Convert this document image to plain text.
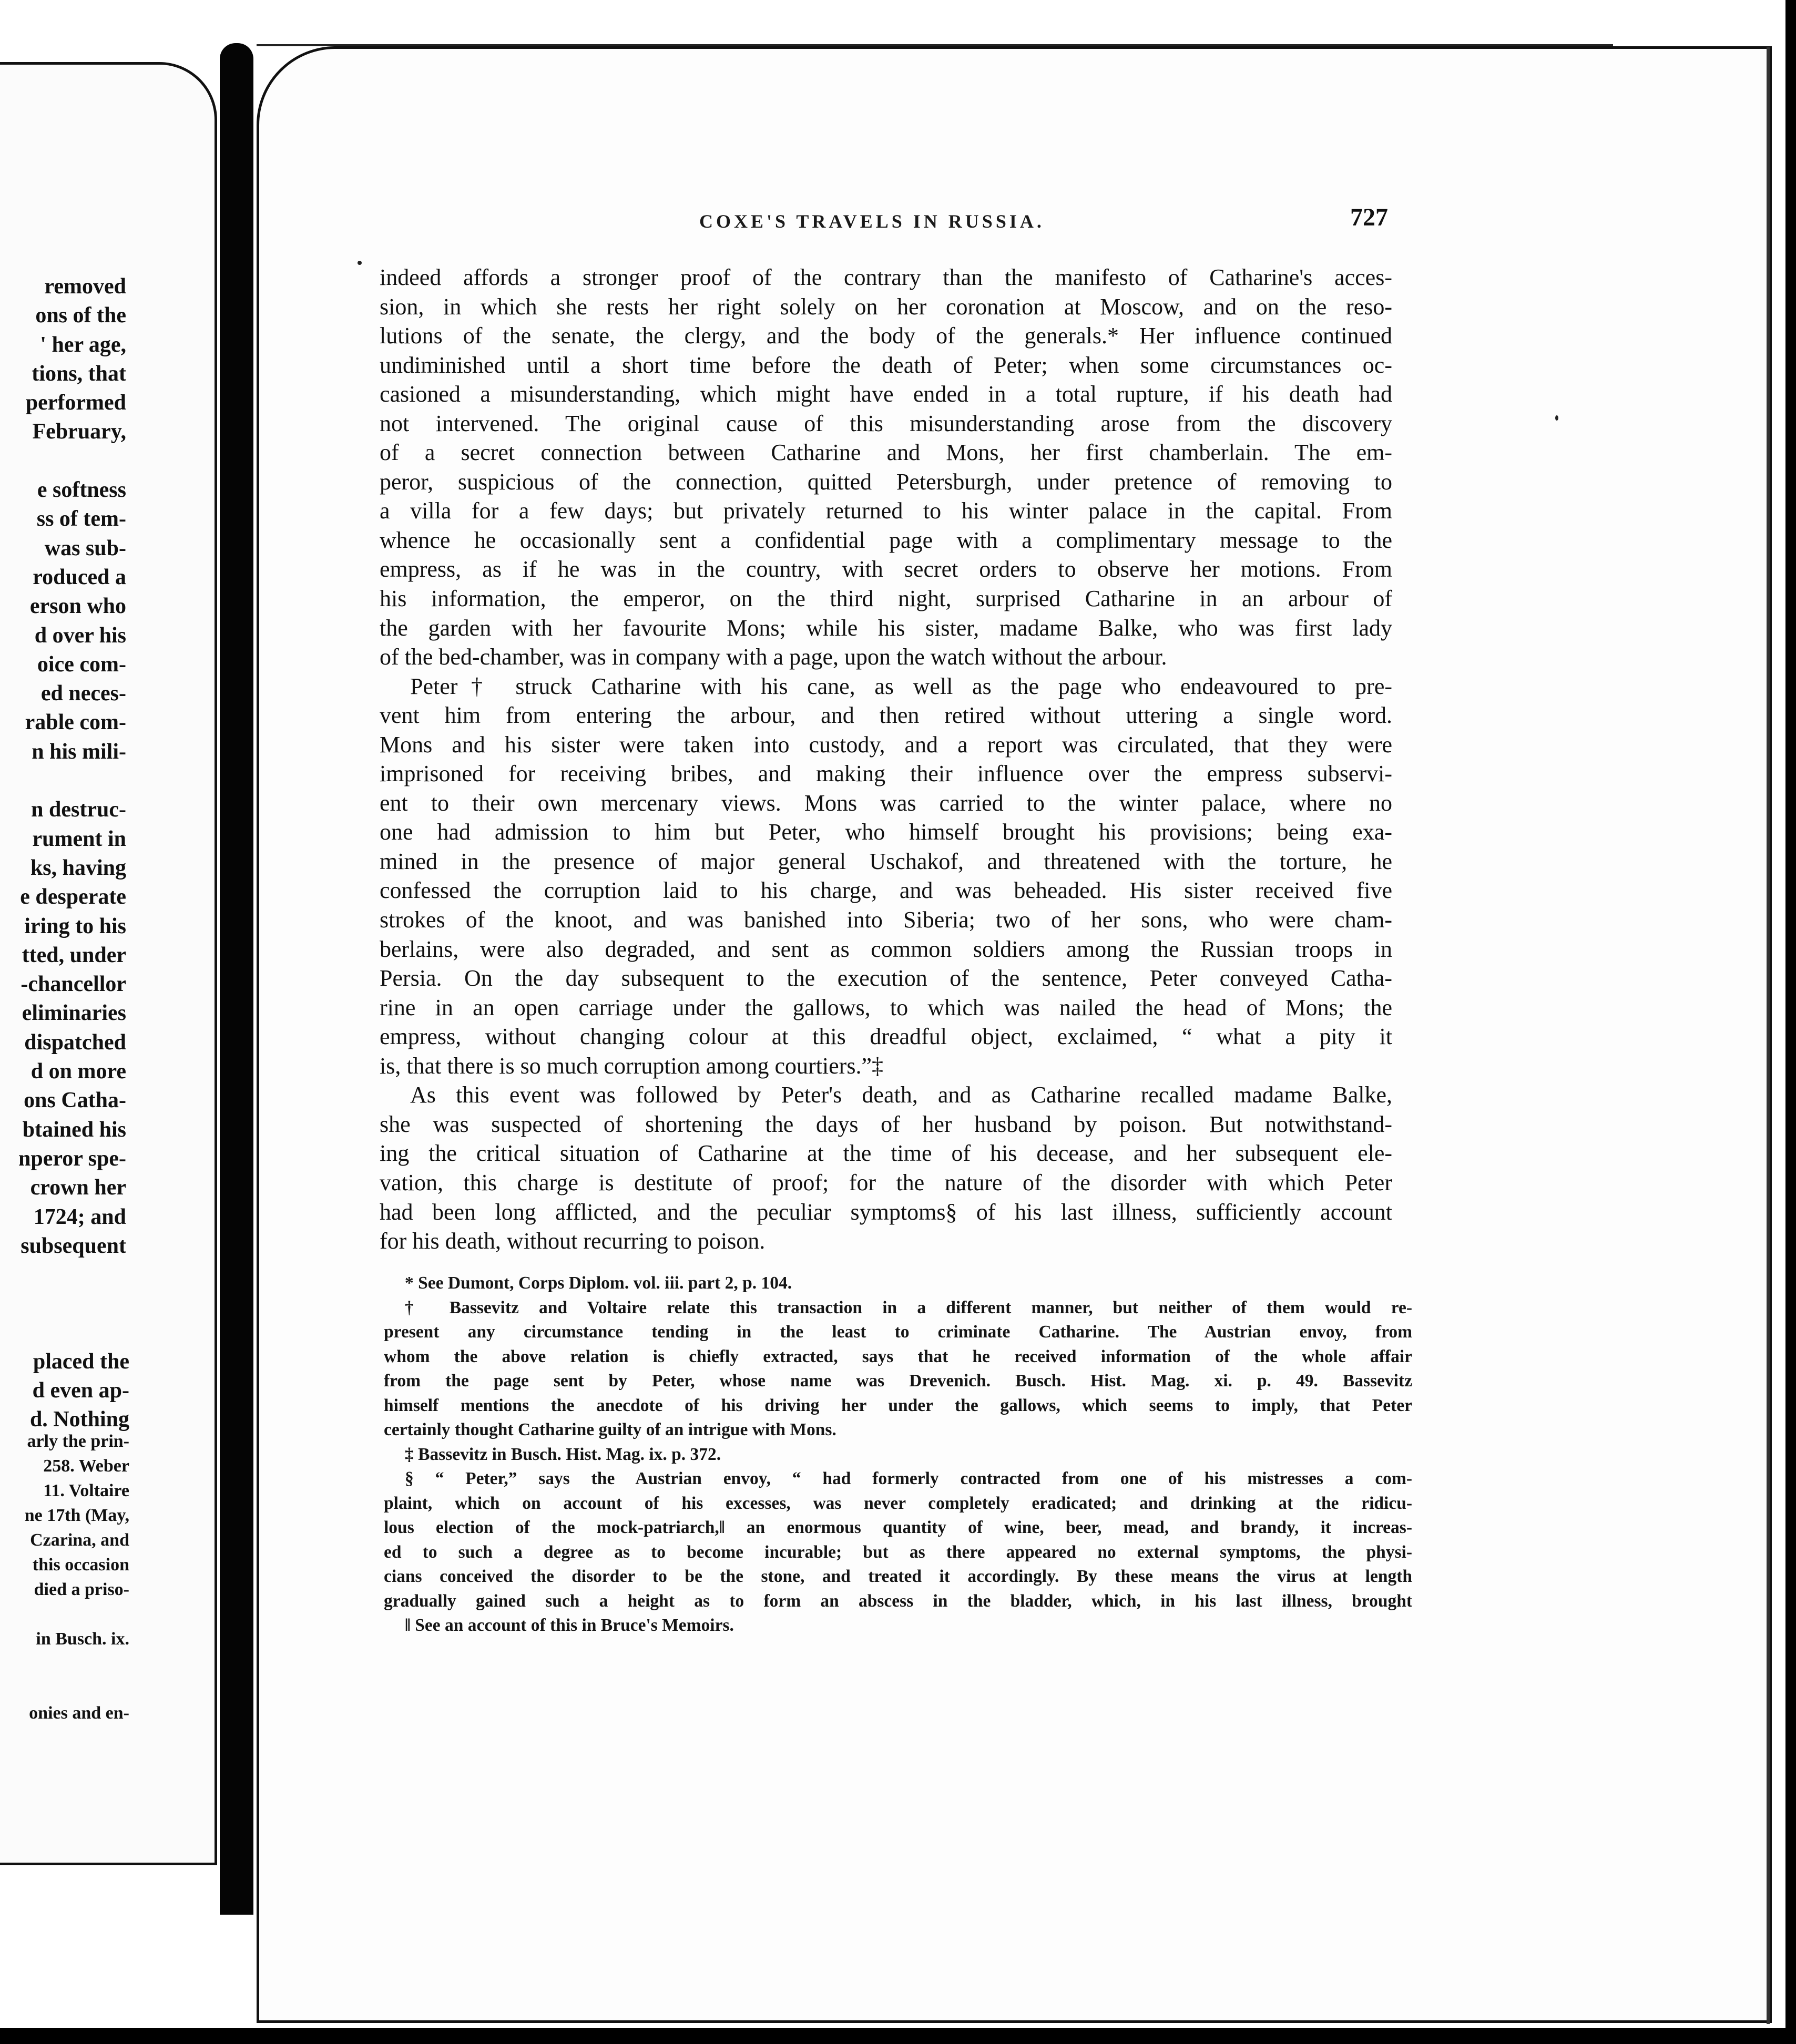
removed
ons of the
' her age,
tions, that
performed
February,
e softness
ss of tem-
was sub-
roduced a
erson who
d over his
oice com-
ed neces-
rable com-
n his mili-
n destruc-
rument in
ks, having
e desperate
iring to his
tted, under
-chancellor
eliminaries
dispatched
d on more
ons Catha-
btained his
nperor spe-
crown her
1724; and
subsequent
placed the
d even ap-
d. Nothing
arly the prin-
258. Weber
11. Voltaire
ne 17th (May,
Czarina, and
this occasion
died a priso-
in Busch. ix.
onies and en-
COXE'S TRAVELS IN RUSSIA.	727
indeed affords a stronger proof of the contrary than the manifesto of Catharine's acces-
sion, in which she rests her right solely on her coronation at Moscow, and on the reso-
lutions of the senate, the clergy, and the body of the generals.* Her influence continued
undiminished until a short time before the death of Peter; when some circumstances oc-
casioned a misunderstanding, which might have ended in a total rupture, if his death had
not intervened. The original cause of this misunderstanding arose from the discovery
of a secret connection between Catharine and Mons, her first chamberlain. The em-
peror, suspicious of the connection, quitted Petersburgh, under pretence of removing to
a villa for a few days; but privately returned to his winter palace in the capital. From
whence he occasionally sent a confidential page with a complimentary message to the
empress, as if he was in the country, with secret orders to observe her motions. From
his information, the emperor, on the third night, surprised Catharine in an arbour of
the garden with her favourite Mons; while his sister, madame Balke, who was first lady
of the bed-chamber, was in company with a page, upon the watch without the arbour.
Peter† struck Catharine with his cane, as well as the page who endeavoured to pre-
vent him from entering the arbour, and then retired without uttering a single word.
Mons and his sister were taken into custody, and a report was circulated, that they were
imprisoned for receiving bribes, and making their influence over the empress subservi-
ent to their own mercenary views. Mons was carried to the winter palace, where no
one had admission to him but Peter, who himself brought his provisions; being exa-
mined in the presence of major general Uschakof, and threatened with the torture, he
confessed the corruption laid to his charge, and was beheaded. His sister received five
strokes of the knoot, and was banished into Siberia; two of her sons, who were cham-
berlains, were also degraded, and sent as common soldiers among the Russian troops in
Persia. On the day subsequent to the execution of the sentence, Peter conveyed Catha-
rine in an open carriage under the gallows, to which was nailed the head of Mons; the
empress, without changing colour at this dreadful object, exclaimed, “ what a pity it
is, that there is so much corruption among courtiers.”‡
As this event was followed by Peter's death, and as Catharine recalled madame Balke,
she was suspected of shortening the days of her husband by poison. But notwithstand-
ing the critical situation of Catharine at the time of his decease, and her subsequent ele-
vation, this charge is destitute of proof; for the nature of the disorder with which Peter
had been long afflicted, and the peculiar symptoms§ of his last illness, sufficiently account
for his death, without recurring to poison.
* See Dumont, Corps Diplom. vol. iii. part 2, p. 104.
† Bassevitz and Voltaire relate this transaction in a different manner, but neither of them would re-
present any circumstance tending in the least to criminate Catharine. The Austrian envoy, from
whom the above relation is chiefly extracted, says that he received information of the whole affair
from the page sent by Peter, whose name was Drevenich. Busch. Hist. Mag. xi. p. 49. Bassevitz
himself mentions the anecdote of his driving her under the gallows, which seems to imply, that Peter
certainly thought Catharine guilty of an intrigue with Mons.
‡ Bassevitz in Busch. Hist. Mag. ix. p. 372.
§ “ Peter,” says the Austrian envoy, “ had formerly contracted from one of his mistresses a com-
plaint, which on account of his excesses, was never completely eradicated; and drinking at the ridicu-
lous election of the mock-patriarch,‖ an enormous quantity of wine, beer, mead, and brandy, it increas-
ed to such a degree as to become incurable; but as there appeared no external symptoms, the physi-
cians conceived the disorder to be the stone, and treated it accordingly. By these means the virus at length
gradually gained such a height as to form an abscess in the bladder, which, in his last illness, brought
‖ See an account of this in Bruce's Memoirs.
